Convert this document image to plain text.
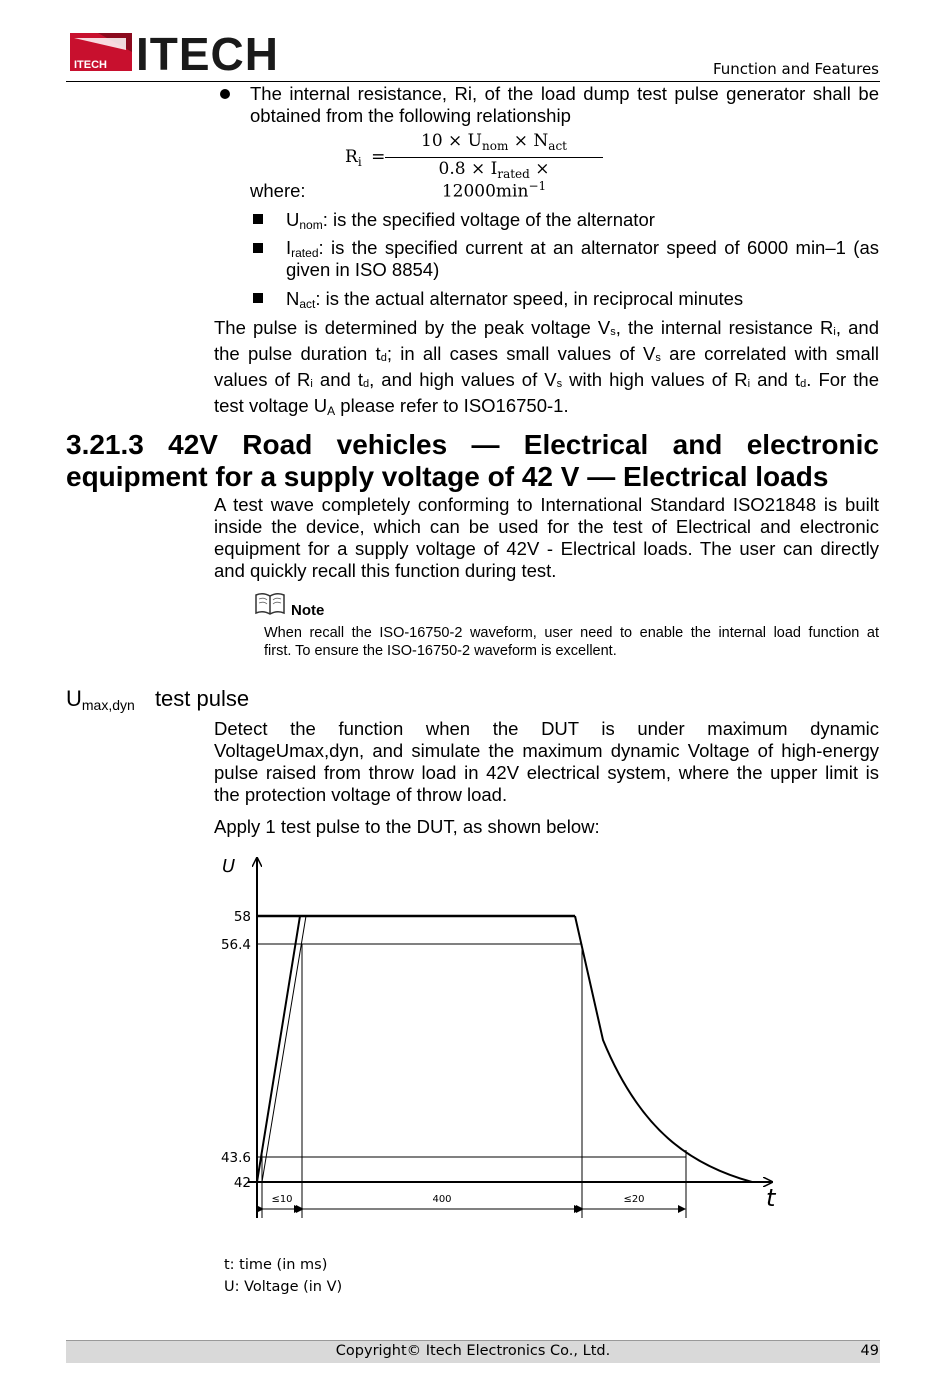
ITECH ITECH	Function and Features
The internal resistance, Ri, of the load dump test pulse generator shall be
obtained from the following relationship
$R_i$ =
$10 \times U_{nom} \times N_{act}$
$0.8 \times I_{rated} \times 12000\min^{-1}$
where:
$U_{nom}$: is the specified voltage of the alternator
$I_{rated}$: is the specified current at an alternator speed of 6000 min–1 (as
given in ISO 8854)
$N_{act}$: is the actual alternator speed, in reciprocal minutes
The pulse is determined by the peak voltage Vs, the internal resistance Ri, and
the pulse duration td; in all cases small values of Vs are correlated with small
values of Ri and td, and high values of Vs with high values of Ri and td. For the
test voltage $U_A$ please refer to ISO16750-1.
3.21.3  42V  Road  vehicles  —  Electrical  and  electronic
equipment for a supply voltage of 42 V — Electrical loads
A test wave completely conforming to International Standard ISO21848 is built
inside the device, which can be used for the test of Electrical and electronic
equipment for a supply voltage of 42V - Electrical loads. The user can directly
and quickly recall this function during test.
Note
When recall the ISO-16750-2 waveform, user need to enable the internal load function at
first. To ensure the ISO-16750-2 waveform is excellent.
Umax,dyn test pulse
Detect   the   function   when   the   DUT   is   under   maximum   dynamic
VoltageUmax,dyn, and simulate the maximum dynamic Voltage of high-energy
pulse raised from throw load in 42V electrical system, where the upper limit is
the protection voltage of throw load.
Apply 1 test pulse to the DUT, as shown below:
58
56.4
43.6
42
≤10	400	≤20
U
t
t: time (in ms)
U: Voltage (in V)
Copyright© Itech Electronics Co., Ltd.	49
